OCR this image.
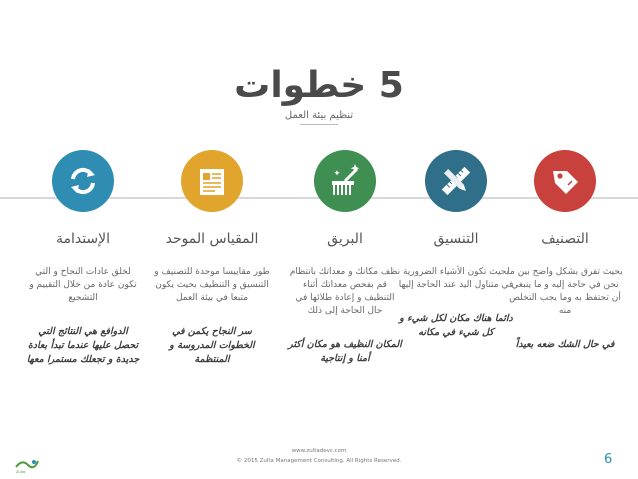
5 خطوات
تنظيم بيئة العمل
التصنيف
بحيث تفرق بشكل واضح بين ما نحن في حاجة إليه و ما ينبغي أن تحتفظ به وما يجب التخلص منه
في حال الشك ضعه بعيداً
التنسيق
بحيث تكون الأشياء الضرورية في متناول اليد عند الحاجة إليها
دائما هناك مكان لكل شيء و كل شيء في مكانه
البريق
نظف مكانك و معداتك بانتظام قم بفحص معداتك أثناء التنظيف و إعادة طلائها في حال الحاجة إلى ذلك
المكان النظيف هو مكان أكثر أمنا و إنتاجية
المقياس الموحد
طور مقاييسا موحدة للتصنيف و التنسيق و التنظيف بحيث يكون متبعا في بيئة العمل
سر النجاح يكمن في الخطوات المدروسة و المنتظمة
الإستدامة
لخلق عادات النجاح و التي تكون عادة من خلال التقييم و التشجيع
الدوافع هي النتائج التي تحصل عليها عندما تبدأ بعادة جديدة و تجعلك مستمرا معها
Zulta
www.zultadevc.com
© 2015 Zulta Management Consulting. All Rights Reserved.	6
